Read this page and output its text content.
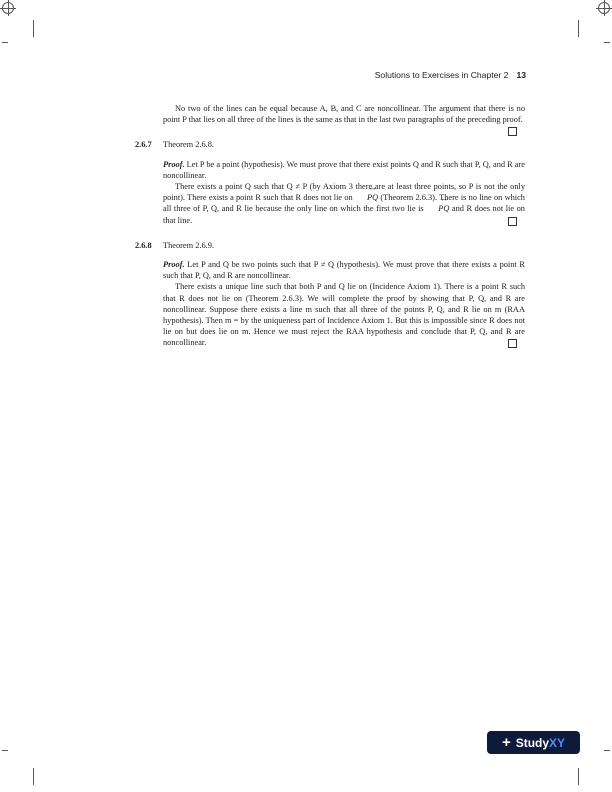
Solutions to Exercises in Chapter 2 13

No two of the lines can be equal because A, B, and C are noncollinear. The argument that there is no point P that lies on all three of the lines is the same as that in the last two paragraphs of the preceding proof.

2.6.7 Theorem 2.6.8.

Proof. Let P be a point (hypothesis). We must prove that there exist points Q and R such that P, Q, and R are noncollinear.

There exists a point Q such that Q ≠ P (by Axiom 3 there are at least three points, so P is not the only point). There exists a point R such that R does not lie on ↔ PQ (Theorem 2.6.3). There is no line on which all three of P, Q, and R lie because the only line on which the first two lie is ↔ PQ and R does not lie on that line.

2.6.8 Theorem 2.6.9.

Proof. Let P and Q be two points such that P ≠ Q (hypothesis). We must prove that there exists a point R such that P, Q, and R are noncollinear.

There exists a unique line such that both P and Q lie on (Incidence Axiom 1). There is a point R such that R does not lie on (Theorem 2.6.3). We will complete the proof by showing that P, Q, and R are noncollinear. Suppose there exists a line m such that all three of the points P, Q, and R lie on m (RAA hypothesis). Then m = by the uniqueness part of Incidence Axiom 1. But this is impossible since R does not lie on but does lie on m. Hence we must reject the RAA hypothesis and conclude that P, Q, and R are noncollinear.

+ Study XY
